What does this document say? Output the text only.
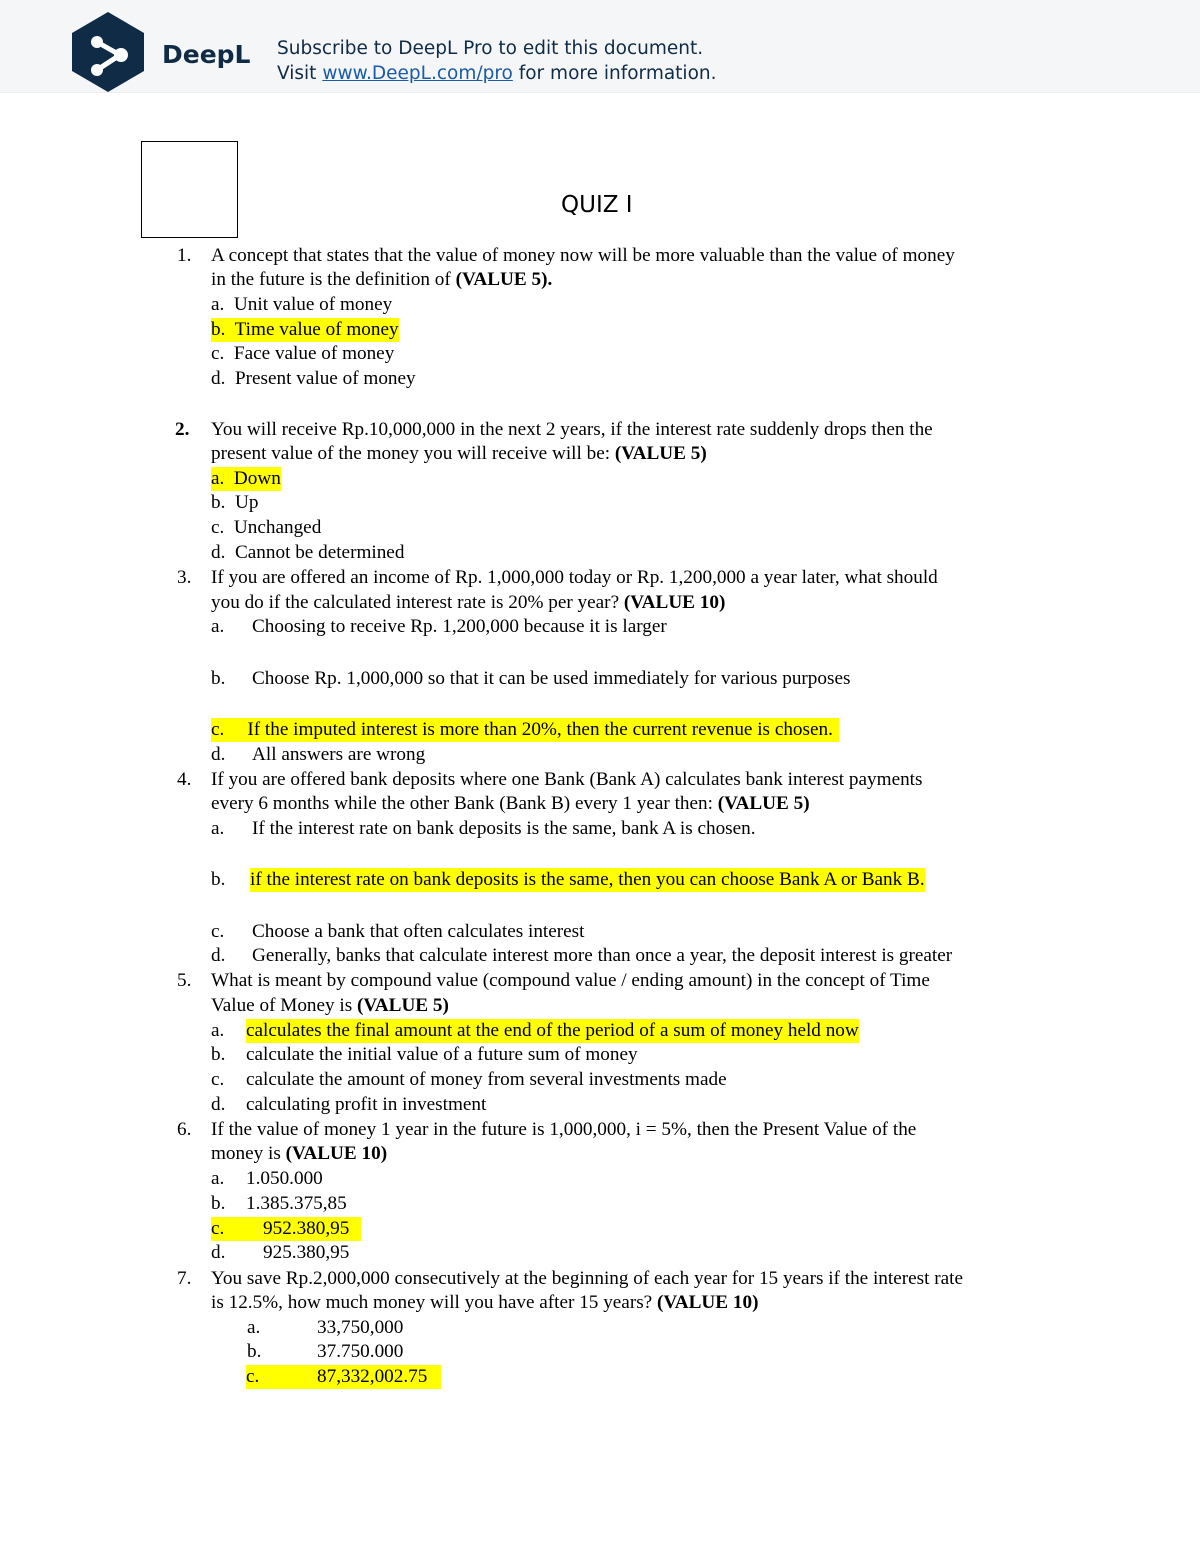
DeepL Subscribe to DeepL Pro to edit this document.
Visit www.DeepL.com/pro for more information.
QUIZ I
1. A concept that states that the value of money now will be more valuable than the value of money
in the future is the definition of (VALUE 5).
a. Unit value of money
b. Time value of money
c. Face value of money
d. Present value of money
2. You will receive Rp.10,000,000 in the next 2 years, if the interest rate suddenly drops then the
present value of the money you will receive will be: (VALUE 5)
a. Down
b. Up
c. Unchanged
d. Cannot be determined
3. If you are offered an income of Rp. 1,000,000 today or Rp. 1,200,000 a year later, what should
you do if the calculated interest rate is 20% per year? (VALUE 10)
a. Choosing to receive Rp. 1,200,000 because it is larger
b. Choose Rp. 1,000,000 so that it can be used immediately for various purposes
c. If the imputed interest is more than 20%, then the current revenue is chosen.
d. All answers are wrong
4. If you are offered bank deposits where one Bank (Bank A) calculates bank interest payments
every 6 months while the other Bank (Bank B) every 1 year then: (VALUE 5)
a. If the interest rate on bank deposits is the same, bank A is chosen.
b. if the interest rate on bank deposits is the same, then you can choose Bank A or Bank B.
c. Choose a bank that often calculates interest
d. Generally, banks that calculate interest more than once a year, the deposit interest is greater
5. What is meant by compound value (compound value / ending amount) in the concept of Time
Value of Money is (VALUE 5)
a. calculates the final amount at the end of the period of a sum of money held now
b. calculate the initial value of a future sum of money
c. calculate the amount of money from several investments made
d. calculating profit in investment
6. If the value of money 1 year in the future is 1,000,000, i = 5%, then the Present Value of the
money is (VALUE 10)
a. 1.050.000
b. 1.385.375,85
c. 952.380,95
d. 925.380,95
7. You save Rp.2,000,000 consecutively at the beginning of each year for 15 years if the interest rate
is 12.5%, how much money will you have after 15 years? (VALUE 10)
a.	33,750,000
b.	37.750.000
c.	87,332,002.75
